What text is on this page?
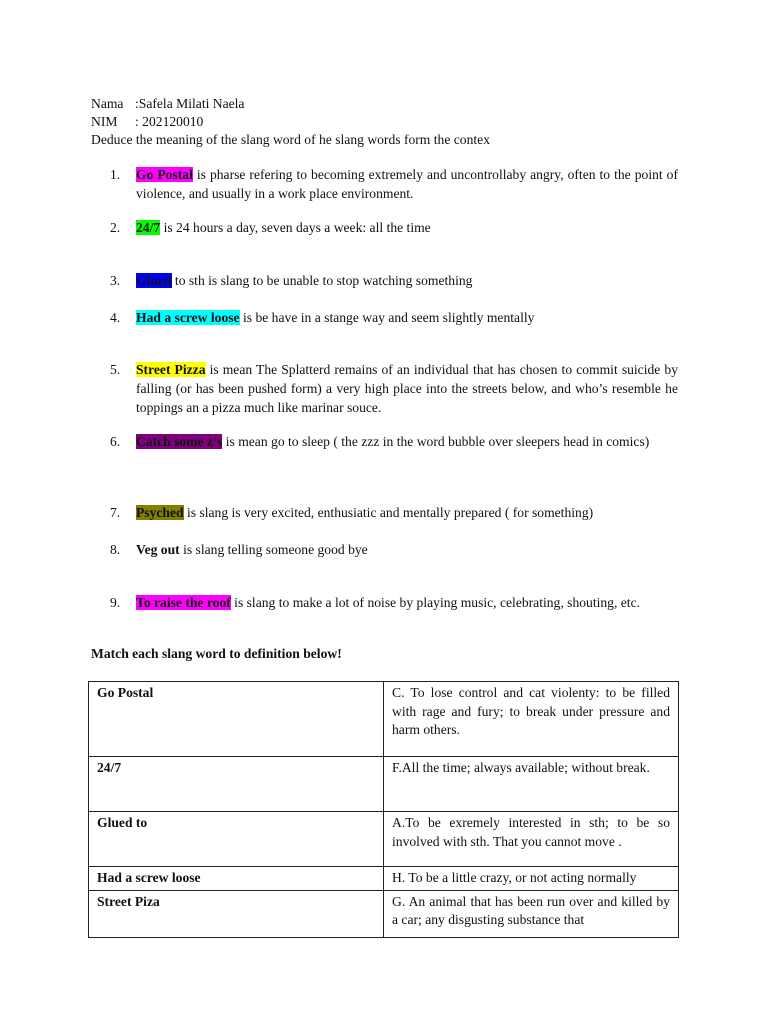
Nama :Safela Milati Naela
NIM : 202120010
Deduce the meaning of the slang word of he slang words form the contex
1.	Go Postal is pharse refering to becoming extremely and uncontrollaby angry, often to the point of violence, and usually in a work place environment.
2.	24/7 is 24 hours a day, seven days a week: all the time
3.	Glued to sth is slang to be unable to stop watching something
4.	Had a screw loose is be have in a stange way and seem slightly mentally
5.	Street Pizza is mean The Splatterd remains of an individual that has chosen to commit suicide by falling (or has been pushed form) a very high place into the streets below, and who’s resemble he toppings an a pizza much like marinar souce.
6.	Catch some z’s is mean go to sleep ( the zzz in the word bubble over sleepers head in comics)
7.	Psyched is slang is very excited, enthusiatic and mentally prepared ( for something)
8.	Veg out is slang telling someone good bye
9.	To raise the roof is slang to make a lot of noise by playing music, celebrating, shouting, etc.
Match each slang word to definition below!
Go Postal	C. To lose control and cat violenty: to be filled with rage and fury; to break under pressure and harm others.
24/7	F.All the time; always available; without break.
Glued to	A.To be exremely interested in sth; to be so involved with sth. That you cannot move .
Had a screw loose	H. To be a little crazy, or not acting normally
Street Piza	G. An animal that has been run over and killed by a car; any disgusting substance that
